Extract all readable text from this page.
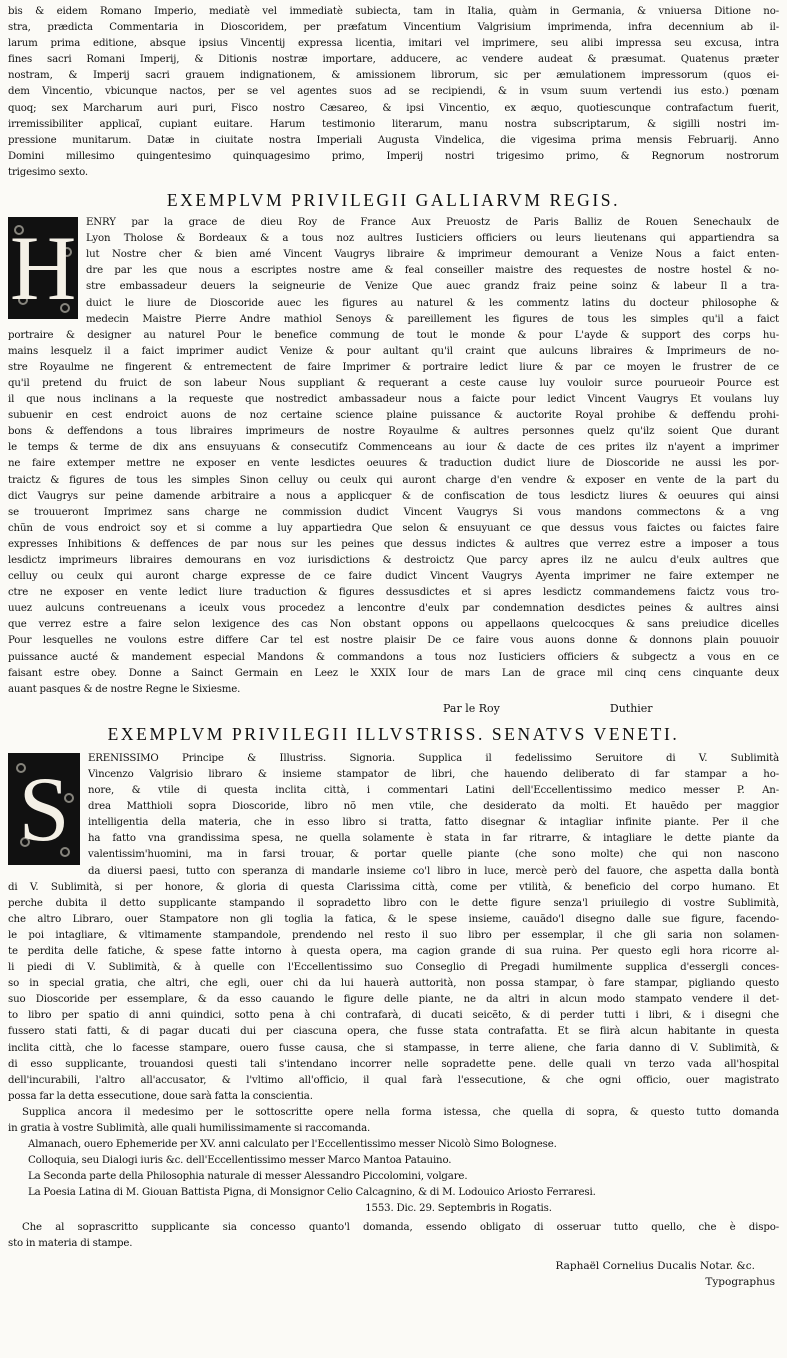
bis & eidem Romano Imperio, mediatè vel immediatè subiecta, tam in Italia, quàm in Germania, & vniuersa Ditione no-
stra, prædicta Commentaria in Dioscoridem, per præfatum Vincentium Valgrisium imprimenda, infra decennium ab il-
larum prima editione, absque ipsius Vincentij expressa licentia, imitari vel imprimere, seu alibi impressa seu excusa, intra
fines sacri Romani Imperij, & Ditionis nostræ importare, adducere, ac vendere audeat & præsumat. Quatenus præter
nostram, & Imperij sacri grauem indignationem, & amissionem librorum, sic per æmulationem impressorum (quos ei-
dem Vincentio, vbicunque nactos, per se vel agentes suos ad se recipiendi, & in vsum suum vertendi ius esto.) pœnam
quoq; sex Marcharum auri puri, Fisco nostro Cæsareo, & ipsi Vincentio, ex æquo, quotiescunque contrafactum fuerit,
irremissibiliter applicaĩ, cupiant euitare. Harum testimonio literarum, manu nostra subscriptarum, & sigilli nostri im-
pressione munitarum. Datæ in ciuitate nostra Imperiali Augusta Vindelica, die vigesima prima mensis Februarij. Anno
Domini millesimo quingentesimo quinquagesimo primo, Imperij nostri trigesimo primo, & Regnorum nostrorum
trigesimo sexto.
EXEMPLVM PRIVILEGII GALLIARVM REGIS.
H ENRY par la grace de dieu Roy de France Aux Preuostz de Paris Balliz de Rouen Senechaulx de
Lyon Tholose & Bordeaux & a tous noz aultres Iusticiers officiers ou leurs lieutenans qui appartiendra sa
lut Nostre cher & bien amé Vincent Vaugrys libraire & imprimeur demourant a Venize Nous a faict enten-
dre par les que nous a escriptes nostre ame & feal conseiller maistre des requestes de nostre hostel & no-
stre embassadeur deuers la seigneurie de Venize Que auec grandz fraiz peine soinz & labeur Il a tra-
duict le liure de Dioscoride auec les figures au naturel & les commentz latins du docteur philosophe &
medecin Maistre Pierre Andre mathiol Senoys & pareillement les figures de tous les simples qu'il a faict
portraire & designer au naturel Pour le benefice commung de tout le monde & pour L'ayde & support des corps hu-
mains lesquelz il a faict imprimer audict Venize & pour aultant qu'il craint que aulcuns libraires & Imprimeurs de no-
stre Royaulme ne fingerent & entremectent de faire Imprimer & portraire ledict liure & par ce moyen le frustrer de ce
qu'il pretend du fruict de son labeur Nous suppliant & requerant a ceste cause luy vouloir surce pourueoir Pource est
il que nous inclinans a la requeste que nostredict ambassadeur nous a faicte pour ledict Vincent Vaugrys Et voulans luy
subuenir en cest endroict auons de noz certaine science plaine puissance & auctorite Royal prohibe & deffendu prohi-
bons & deffendons a tous libraires imprimeurs de nostre Royaulme & aultres personnes quelz qu'ilz soient Que durant
le temps & terme de dix ans ensuyuans & consecutifz Commenceans au iour & dacte de ces prites ilz n'ayent a imprimer
ne faire extemper mettre ne exposer en vente lesdictes oeuures & traduction dudict liure de Dioscoride ne aussi les por-
traictz & figures de tous les simples Sinon celluy ou ceulx qui auront charge d'en vendre & exposer en vente de la part du
dict Vaugrys sur peine damende arbitraire a nous a applicquer & de confiscation de tous lesdictz liures & oeuures qui ainsi
se trouueront Imprimez sans charge ne commission dudict Vincent Vaugrys Si vous mandons commectons & a vng
chũn de vous endroict soy et si comme a luy appartiedra Que selon & ensuyuant ce que dessus vous faictes ou faictes faire
expresses Inhibitions & deffences de par nous sur les peines que dessus indictes & aultres que verrez estre a imposer a tous
lesdictz imprimeurs libraires demourans en voz iurisdictions & destroictz Que parcy apres ilz ne aulcu d'eulx aultres que
celluy ou ceulx qui auront charge expresse de ce faire dudict Vincent Vaugrys Ayenta imprimer ne faire extemper ne
ctre ne exposer en vente ledict liure traduction & figures dessusdictes et si apres lesdictz commandemens faictz vous tro-
uuez aulcuns contreuenans a iceulx vous procedez a lencontre d'eulx par condemnation desdictes peines & aultres ainsi
que verrez estre a faire selon lexigence des cas Non obstant oppons ou appellaons quelcocques & sans preiudice dicelles
Pour lesquelles ne voulons estre differe Car tel est nostre plaisir De ce faire vous auons donne & donnons plain pouuoir
puissance aucté & mandement especial Mandons & commandons a tous noz Iusticiers officiers & subgectz a vous en ce
faisant estre obey. Donne a Sainct Germain en Leez le XXIX Iour de mars Lan de grace mil cinq cens cinquante deux
auant pasques & de nostre Regne le Sixiesme.
Par le Roy	Duthier
EXEMPLVM PRIVILEGII ILLVSTRISS. SENATVS VENETI.
S	ERENISSIMO Principe & Illustriss. Signoria. Supplica il fedelissimo Seruitore di V. Sublimità
Vincenzo Valgrisio libraro & insieme stampator de libri, che hauendo deliberato di far stampar a ho-
nore, & vtile di questa inclita città, i commentari Latini dell'Eccellentissimo medico messer P. An-
drea Matthioli sopra Dioscoride, libro nõ men vtile, che desiderato da molti. Et hauẽdo per maggior
intelligentia della materia, che in esso libro si tratta, fatto disegnar & intagliar infinite piante. Per il che
ha fatto vna grandissima spesa, ne quella solamente è stata in far ritrarre, & intagliare le dette piante da
valentissim'huomini, ma in farsi trouar, & portar quelle piante (che sono molte) che qui non nascono
da diuersi paesi, tutto con speranza di mandarle insieme co'l libro in luce, mercè però del fauore, che aspetta dalla bontà
di V. Sublimità, si per honore, & gloria di questa Clarissima città, come per vtilità, & beneficio del corpo humano. Et
perche dubita il detto supplicante stampando il sopradetto libro con le dette figure senza'l priuilegio di vostre Sublimità,
che altro Libraro, ouer Stampatore non gli toglia la fatica, & le spese insieme, cauãdo'l disegno dalle sue figure, facendo-
le poi intagliare, & vltimamente stampandole, prendendo nel resto il suo libro per essemplar, il che gli saria non solamen-
te perdita delle fatiche, & spese fatte intorno à questa opera, ma cagion grande di sua ruina. Per questo egli hora ricorre al-
li piedi di V. Sublimità, & à quelle con l'Eccellentissimo suo Conseglio di Pregadi humilmente supplica d'essergli conces-
so in special gratia, che altri, che egli, ouer chi da lui hauerà auttorità, non possa stampar, ò fare stampar, pigliando questo
suo Dioscoride per essemplare, & da esso cauando le figure delle piante, ne da altri in alcun modo stampato vendere il det-
to libro per spatio di anni quindici, sotto pena à chi contrafarà, di ducati seicẽto, & di perder tutti i libri, & i disegni che
fussero stati fatti, & di pagar ducati dui per ciascuna opera, che fusse stata contrafatta. Et se fiirà alcun habitante in questa
inclita città, che lo facesse stampare, ouero fusse causa, che si stampasse, in terre aliene, che faria danno di V. Sublimità, &
di esso supplicante, trouandosi questi tali s'intendano incorrer nelle sopradette pene. delle quali vn terzo vada all'hospital
dell'incurabili, l'altro all'accusator, & l'vltimo all'officio, il qual farà l'essecutione, & che ogni officio, ouer magistrato
possa far la detta essecutione, doue sarà fatta la conscientia.
Supplica ancora il medesimo per le sottoscritte opere nella forma istessa, che quella di sopra, & questo tutto domanda
in gratia à vostre Sublimità, alle quali humilissimamente si raccomanda.
Almanach, ouero Ephemeride per XV. anni calculato per l'Eccellentissimo messer Nicolò Simo Bolognese.
Colloquia, seu Dialogi iuris &c. dell'Eccellentissimo messer Marco Mantoa Patauino.
La Seconda parte della Philosophia naturale di messer Alessandro Piccolomini, volgare.
La Poesia Latina di M. Giouan Battista Pigna, di Monsignor Celio Calcagnino, & di M. Lodouico Ariosto Ferraresi.
1553. Dic. 29. Septembris in Rogatis.
Che al soprascritto supplicante sia concesso quanto'l domanda, essendo obligato di osseruar tutto quello, che è dispo-
sto in materia di stampe.
Raphaël Cornelius Ducalis Notar. &c.
Typographus
